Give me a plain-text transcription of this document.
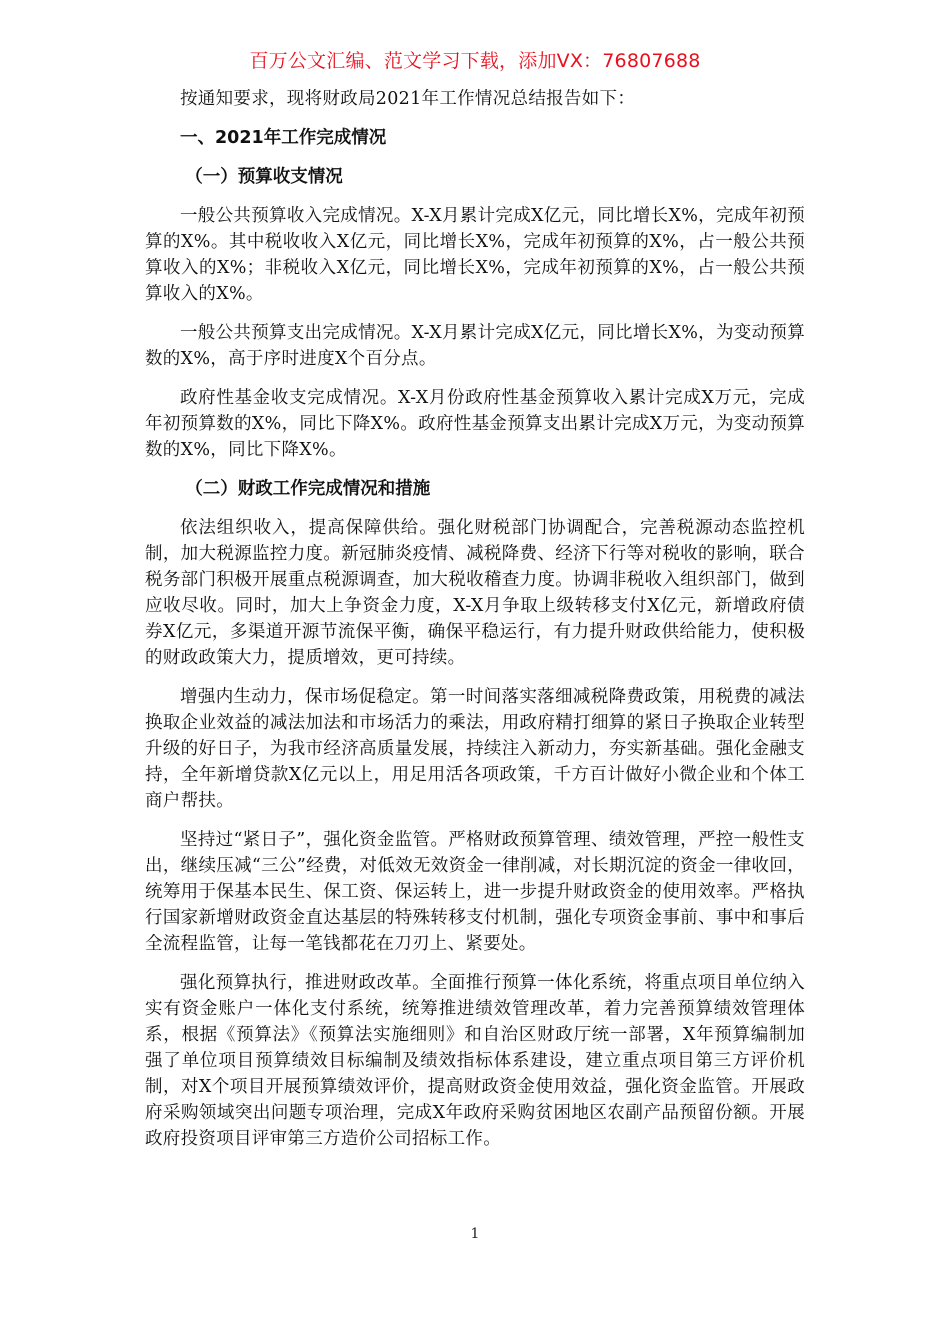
百万公文汇编、范文学习下载，添加VX：76807688

按通知要求，现将财政局2021年工作情况总结报告如下：

一、2021年工作完成情况
（一）预算收支情况

一般公共预算收入完成情况。X-X月累计完成X亿元，同比增长X%，完成年初预算的X%。其中税收收入X亿元，同比增长X%，完成年初预算的X%，占一般公共预算收入的X%；非税收入X亿元，同比增长X%，完成年初预算的X%，占一般公共预算收入的X%。

一般公共预算支出完成情况。X-X月累计完成X亿元，同比增长X%，为变动预算数的X%，高于序时进度X个百分点。

政府性基金收支完成情况。X-X月份政府性基金预算收入累计完成X万元，完成年初预算数的X%，同比下降X%。政府性基金预算支出累计完成X万元，为变动预算数的X%，同比下降X%。

（二）财政工作完成情况和措施

依法组织收入，提高保障供给。强化财税部门协调配合，完善税源动态监控机制，加大税源监控力度。新冠肺炎疫情、减税降费、经济下行等对税收的影响，联合税务部门积极开展重点税源调查，加大税收稽查力度。协调非税收入组织部门，做到应收尽收。同时，加大上争资金力度，X-X月争取上级转移支付X亿元，新增政府债券X亿元，多渠道开源节流保平衡，确保平稳运行，有力提升财政供给能力，使积极的财政政策大力，提质增效，更可持续。

增强内生动力，保市场促稳定。第一时间落实落细减税降费政策，用税费的减法换取企业效益的减法加法和市场活力的乘法，用政府精打细算的紧日子换取企业转型升级的好日子，为我市经济高质量发展，持续注入新动力，夯实新基础。强化金融支持，全年新增贷款X亿元以上，用足用活各项政策，千方百计做好小微企业和个体工商户帮扶。

坚持过“紧日子”，强化资金监管。严格财政预算管理、绩效管理，严控一般性支出，继续压减“三公”经费，对低效无效资金一律削减，对长期沉淀的资金一律收回，统筹用于保基本民生、保工资、保运转上，进一步提升财政资金的使用效率。严格执行国家新增财政资金直达基层的特殊转移支付机制，强化专项资金事前、事中和事后全流程监管，让每一笔钱都花在刀刃上、紧要处。

强化预算执行，推进财政改革。全面推行预算一体化系统，将重点项目单位纳入实有资金账户一体化支付系统，统筹推进绩效管理改革，着力完善预算绩效管理体系，根据《预算法》《预算法实施细则》和自治区财政厅统一部署，X年预算编制加强了单位项目预算绩效目标编制及绩效指标体系建设，建立重点项目第三方评价机制，对X个项目开展预算绩效评价，提高财政资金使用效益，强化资金监管。开展政府采购领域突出问题专项治理，完成X年政府采购贫困地区农副产品预留份额。开展政府投资项目评审第三方造价公司招标工作。

1
